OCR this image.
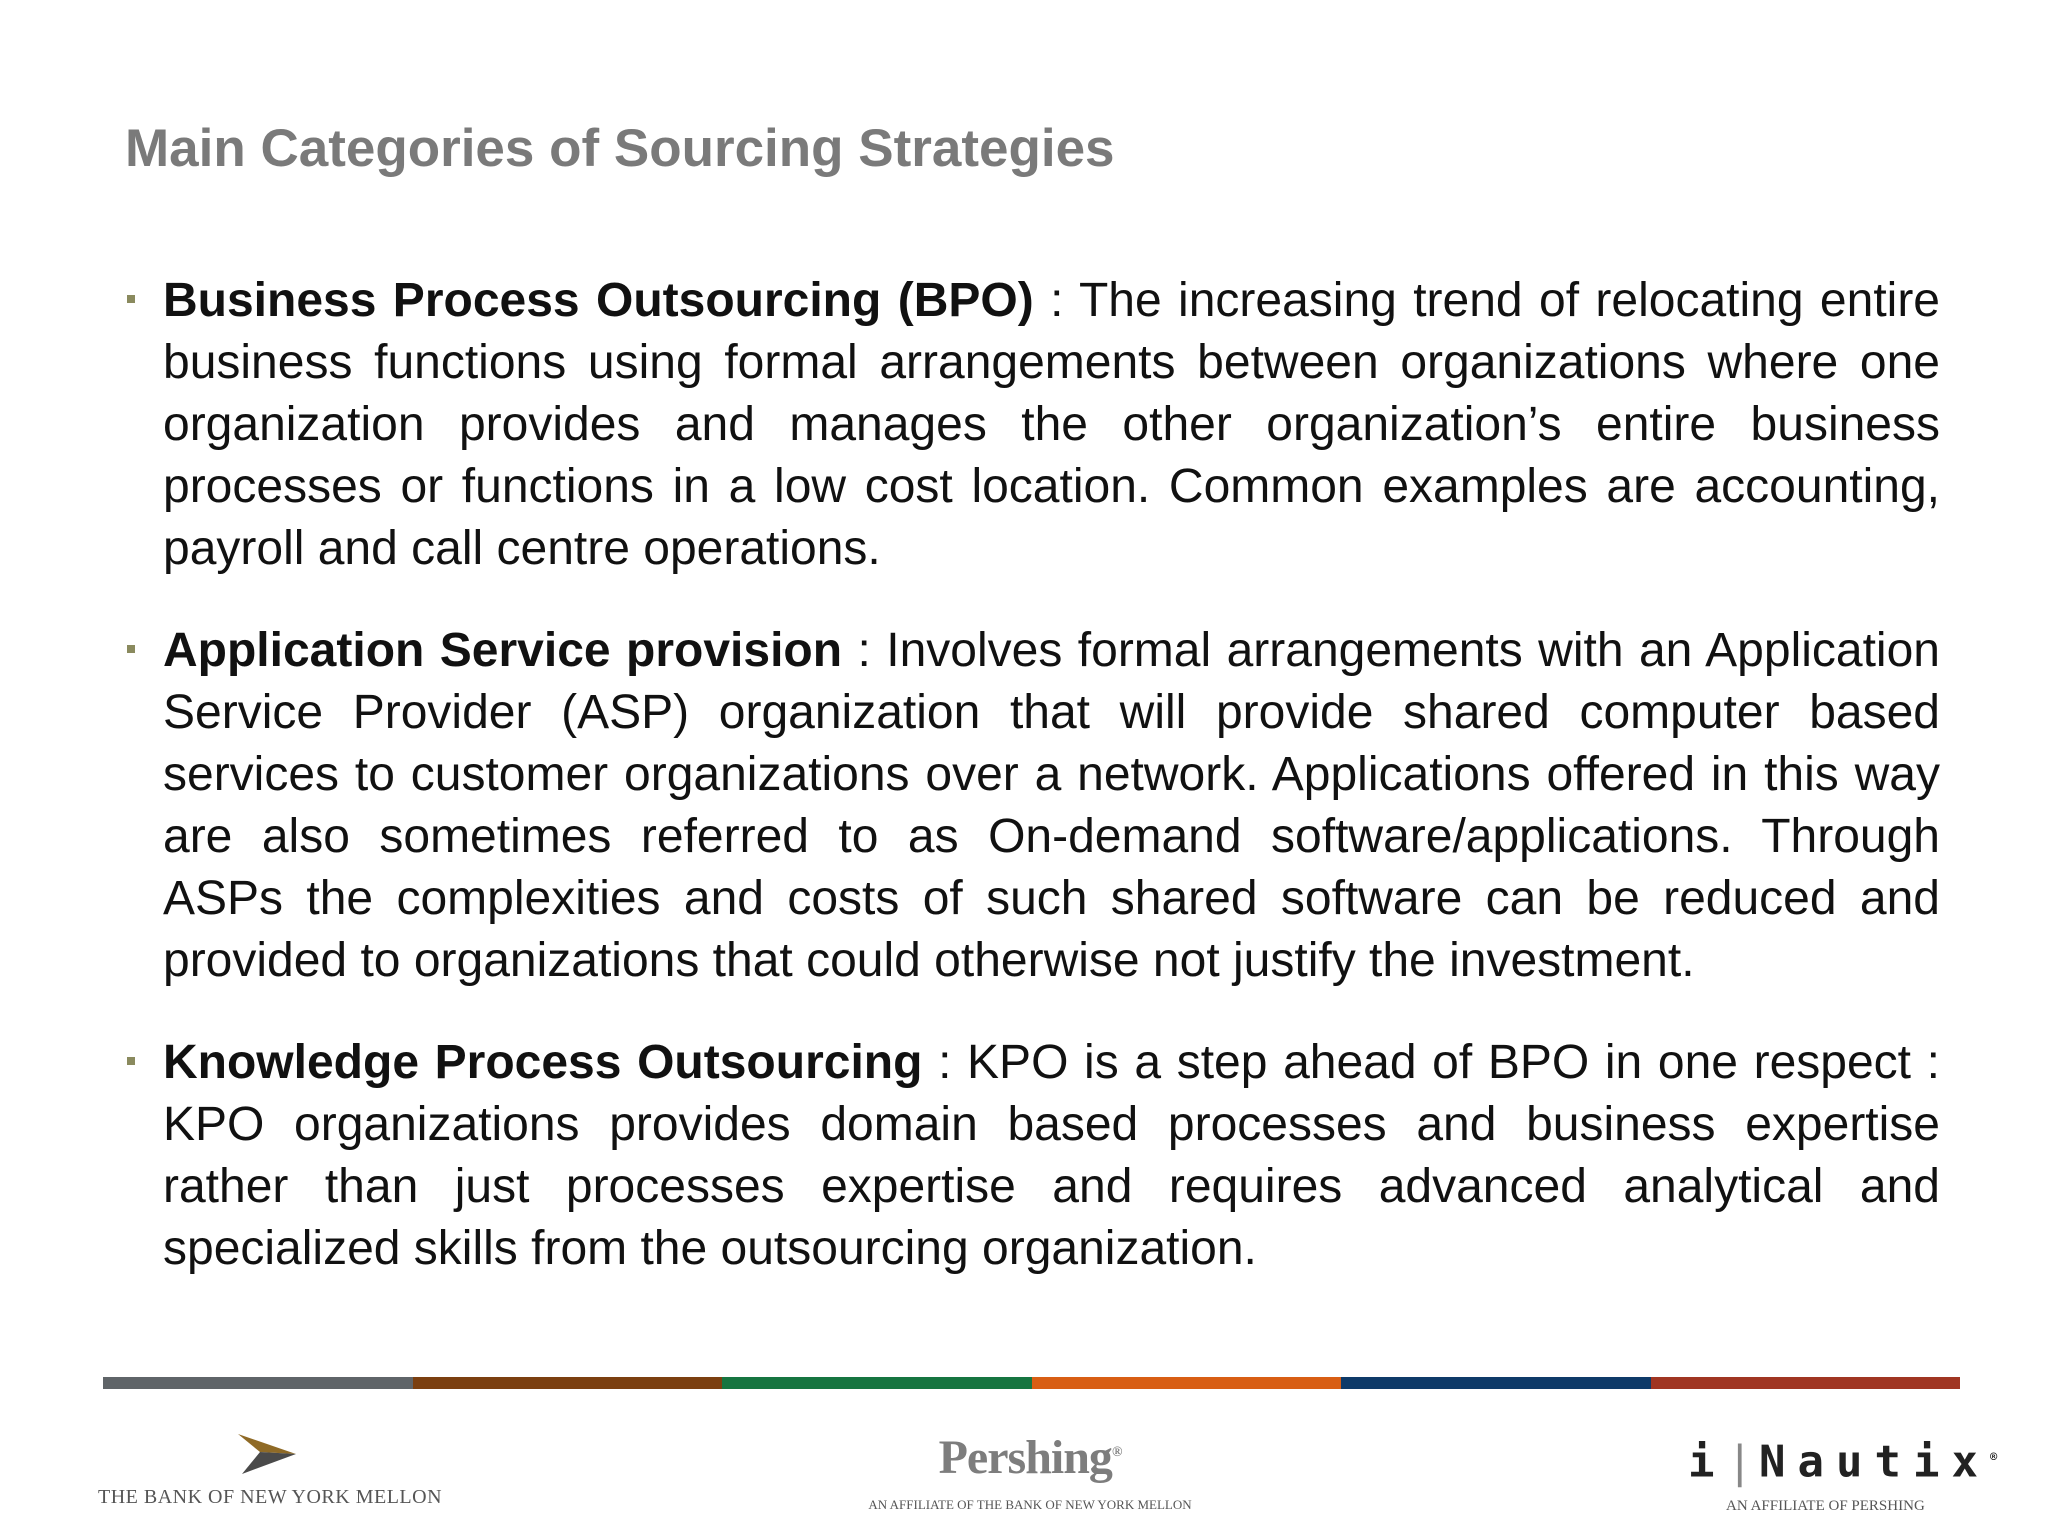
Main Categories of Sourcing Strategies
Business Process Outsourcing (BPO) : The increasing trend of relocating entire business functions using formal arrangements between organizations where one organization provides and manages the other organization’s entire business processes or functions in a low cost location. Common examples are accounting, payroll and call centre operations.
Application Service provision : Involves formal arrangements with an Application Service Provider (ASP) organization that will provide shared computer based services to customer organizations over a network. Applications offered in this way are also sometimes referred to as On-demand software/applications. Through ASPs the complexities and costs of such shared software can be reduced and provided to organizations that could otherwise not justify the investment.
Knowledge Process Outsourcing : KPO is a step ahead of BPO in one respect : KPO organizations provides domain based processes and business expertise rather than just processes expertise and requires advanced analytical and specialized skills from the outsourcing organization.
THE BANK OF NEW YORK MELLON
Pershing®
AN AFFILIATE OF THE BANK OF NEW YORK MELLON
i|Nautix®
AN AFFILIATE OF PERSHING
